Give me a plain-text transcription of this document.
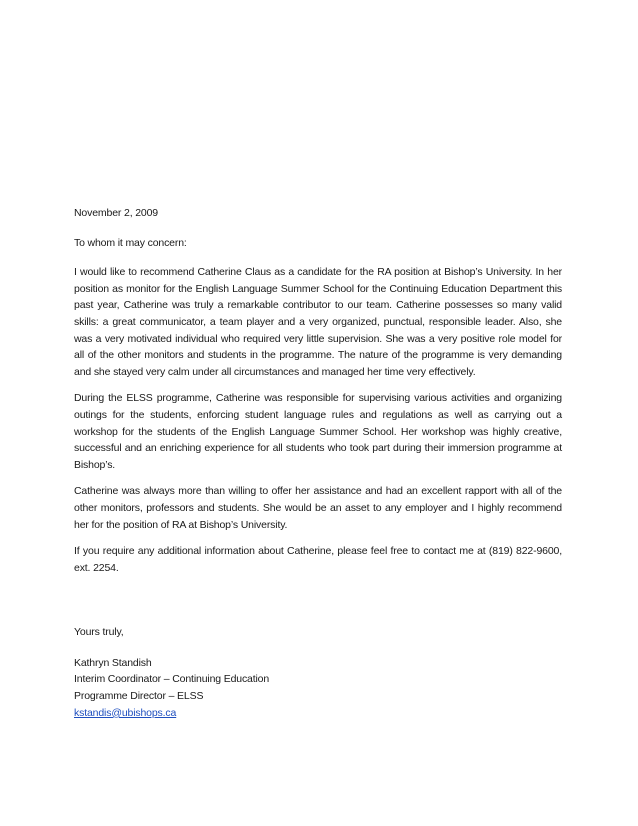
November 2, 2009

To whom it may concern:

I would like to recommend Catherine Claus as a candidate for the RA position at Bishop’s University. In her position as monitor for the English Language Summer School for the Continuing Education Department this past year, Catherine was truly a remarkable contributor to our team. Catherine possesses so many valid skills: a great communicator, a team player and a very organized, punctual, responsible leader. Also, she was a very motivated individual who required very little supervision. She was a very positive role model for all of the other monitors and students in the programme. The nature of the programme is very demanding and she stayed very calm under all circumstances and managed her time very effectively.

During the ELSS programme, Catherine was responsible for supervising various activities and organizing outings for the students, enforcing student language rules and regulations as well as carrying out a workshop for the students of the English Language Summer School. Her workshop was highly creative, successful and an enriching experience for all students who took part during their immersion programme at Bishop’s.

Catherine was always more than willing to offer her assistance and had an excellent rapport with all of the other monitors, professors and students. She would be an asset to any employer and I highly recommend her for the position of RA at Bishop’s University.

If you require any additional information about Catherine, please feel free to contact me at (819) 822-9600, ext. 2254.

Yours truly,

Kathryn Standish

Interim Coordinator – Continuing Education

Programme Director – ELSS

kstandis@ubishops.ca
